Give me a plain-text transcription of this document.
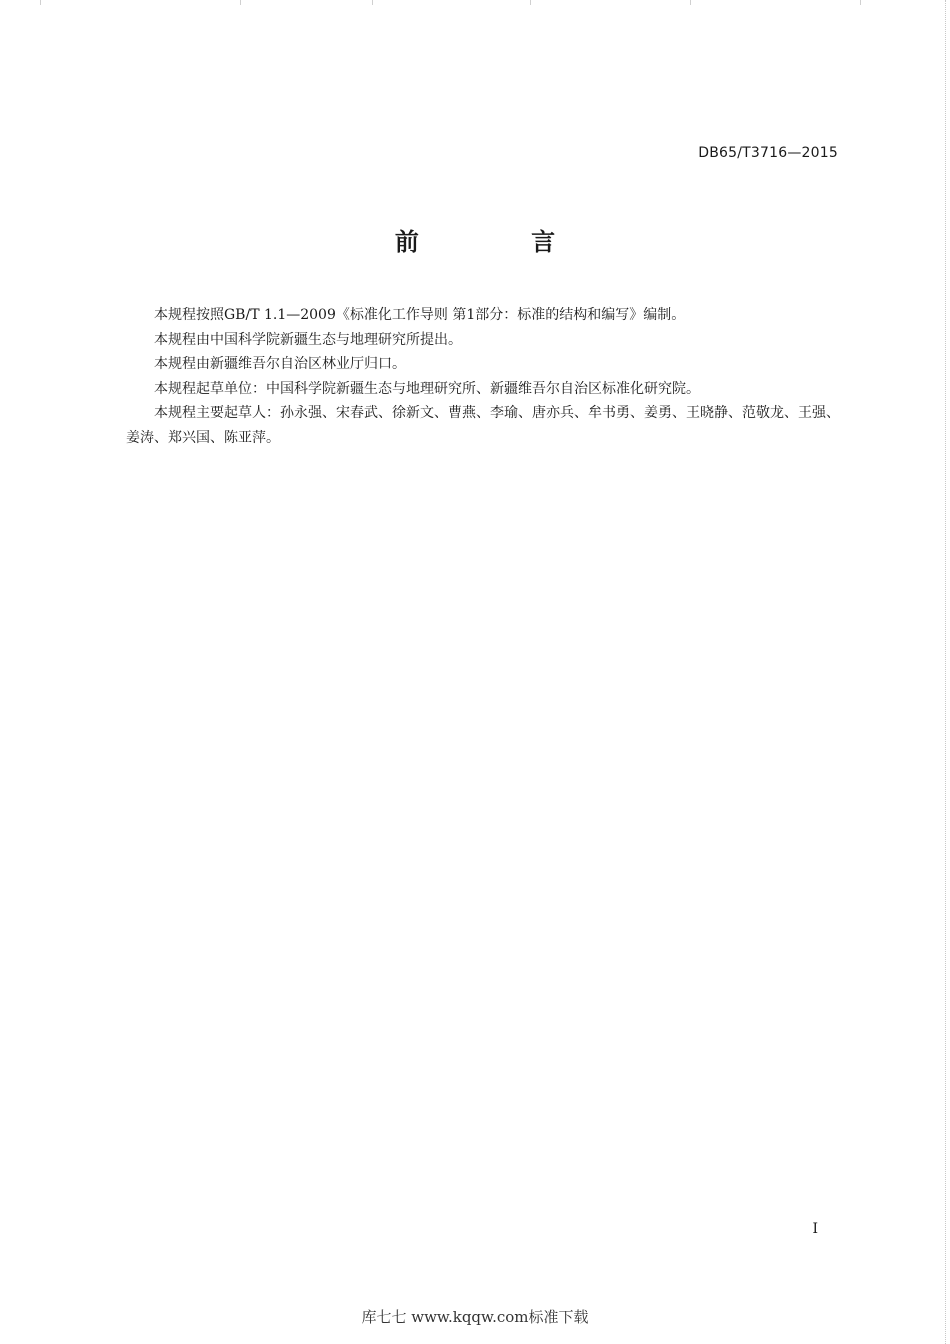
DB65/T3716—2015
前 言

本规程按照GB/T 1.1—2009《标准化工作导则 第1部分：标准的结构和编写》编制。

本规程由中国科学院新疆生态与地理研究所提出。

本规程由新疆维吾尔自治区林业厅归口。

本规程起草单位：中国科学院新疆生态与地理研究所、新疆维吾尔自治区标准化研究院。

本规程主要起草人：孙永强、宋春武、徐新文、曹燕、李瑜、唐亦兵、牟书勇、姜勇、王晓静、范敬龙、王强、姜涛、郑兴国、陈亚萍。

I
库七七 www.kqqw.com标准下载
